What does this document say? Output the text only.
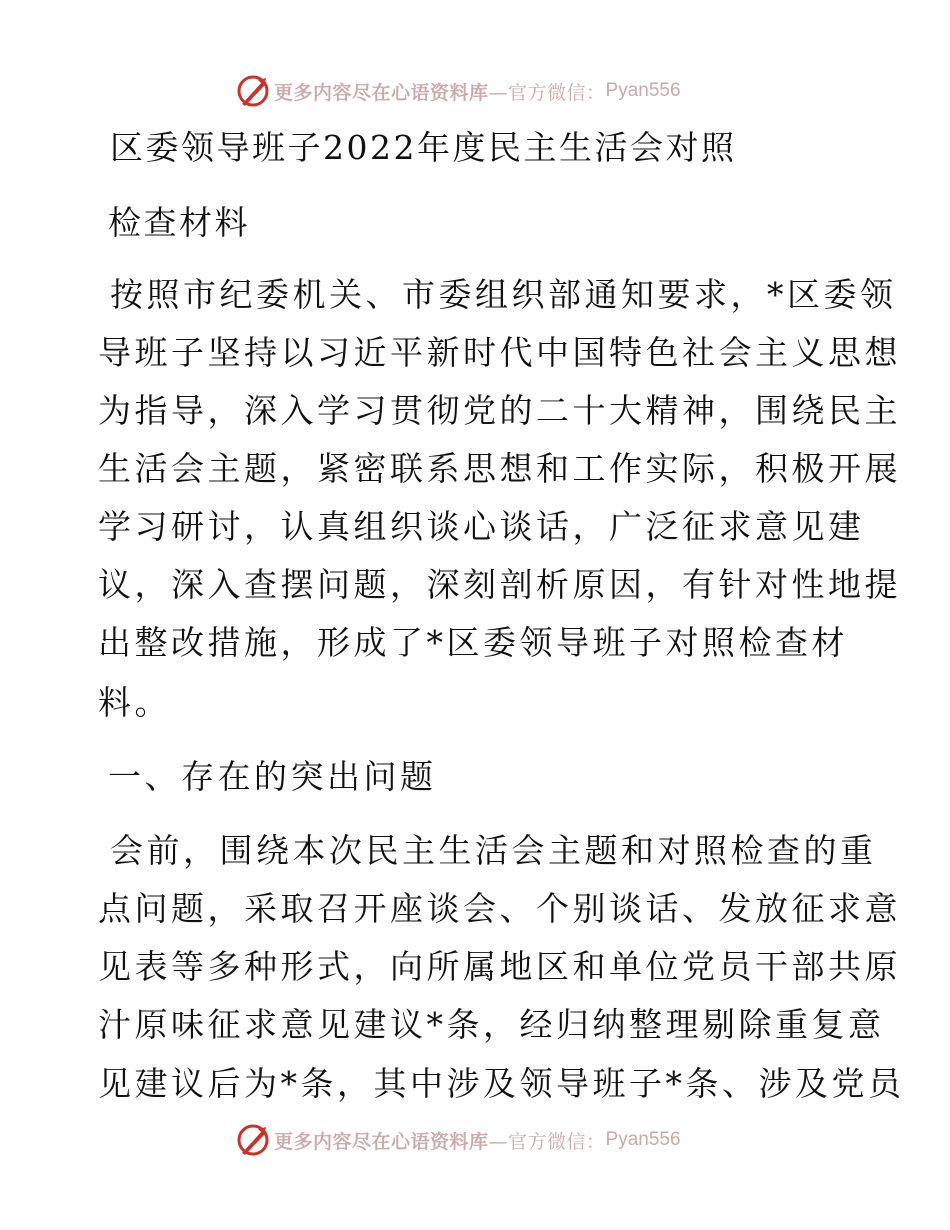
更多内容尽在心语资料库 —官方微信： Pyan556
区委领导班子2022年度民主生活会对照
检查材料
按照市纪委机关、市委组织部通知要求，*区委领
导班子坚持以习近平新时代中国特色社会主义思想
为指导，深入学习贯彻党的二十大精神，围绕民主
生活会主题，紧密联系思想和工作实际，积极开展
学习研讨，认真组织谈心谈话，广泛征求意见建
议，深入查摆问题，深刻剖析原因，有针对性地提
出整改措施，形成了*区委领导班子对照检查材
料。
一、存在的突出问题
会前，围绕本次民主生活会主题和对照检查的重
点问题，采取召开座谈会、个别谈话、发放征求意
见表等多种形式，向所属地区和单位党员干部共原
汁原味征求意见建议*条，经归纳整理剔除重复意
见建议后为*条，其中涉及领导班子*条、涉及党员
更多内容尽在心语资料库 —官方微信： Pyan556
